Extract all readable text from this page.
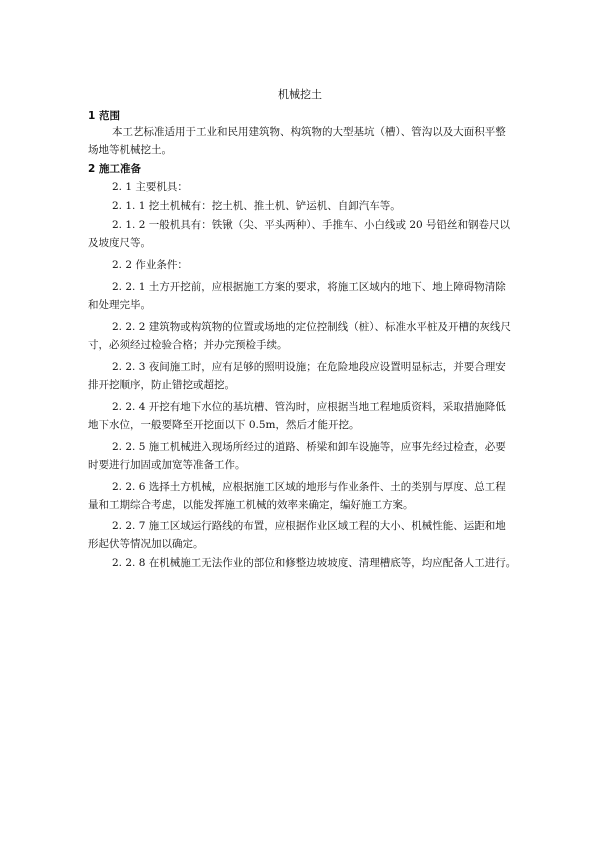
机械挖土
1 范围
本工艺标准适用于工业和民用建筑物、构筑物的大型基坑（槽）、管沟以及大面积平整
场地等机械挖土。
2 施工准备
2. 1 主要机具：
2. 1. 1 挖土机械有：挖土机、推土机、铲运机、自卸汽车等。
2. 1. 2 一般机具有：铁锹（尖、平头两种）、手推车、小白线或 20 号铅丝和钢卷尺以
及坡度尺等。
2. 2 作业条件：
2. 2. 1 土方开挖前，应根据施工方案的要求，将施工区域内的地下、地上障碍物清除
和处理完毕。
2. 2. 2 建筑物或构筑物的位置或场地的定位控制线（桩）、标准水平桩及开槽的灰线尺
寸，必须经过检验合格；并办完预检手续。
2. 2. 3 夜间施工时，应有足够的照明设施；在危险地段应设置明显标志，并要合理安
排开挖顺序，防止错挖或超挖。
2. 2. 4 开挖有地下水位的基坑槽、管沟时，应根据当地工程地质资料，采取措施降低
地下水位，一般要降至开挖面以下 0.5m，然后才能开挖。
2. 2. 5 施工机械进入现场所经过的道路、桥梁和卸车设施等，应事先经过检查，必要
时要进行加固或加宽等准备工作。
2. 2. 6 选择土方机械，应根据施工区域的地形与作业条件、土的类别与厚度、总工程
量和工期综合考虑，以能发挥施工机械的效率来确定，编好施工方案。
2. 2. 7 施工区域运行路线的布置，应根据作业区域工程的大小、机械性能、运距和地
形起伏等情况加以确定。
2. 2. 8 在机械施工无法作业的部位和修整边坡坡度、清理槽底等，均应配备人工进行。
